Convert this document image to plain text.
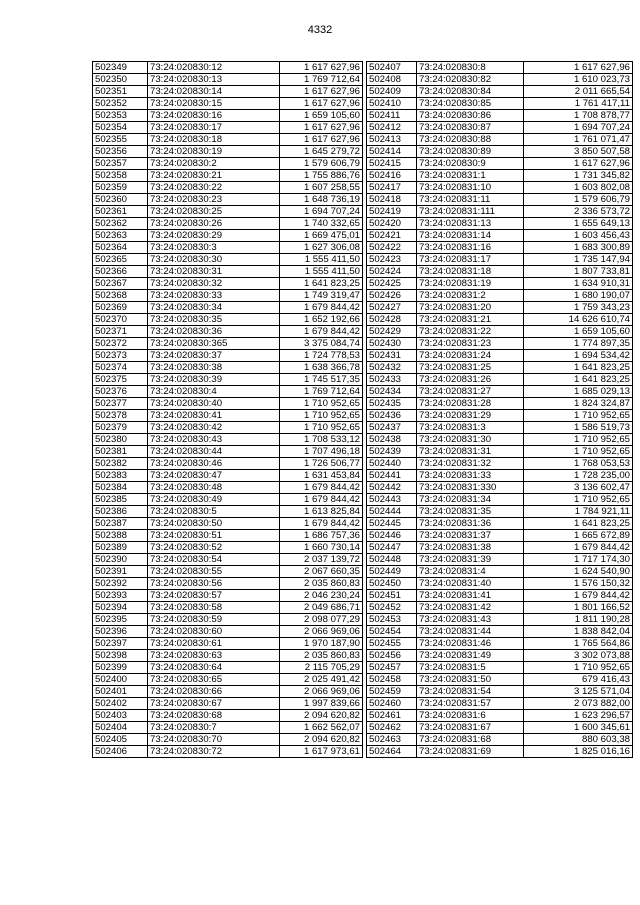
4332
502349	73:24:020830:12	1 617 627,96
502350	73:24:020830:13	1 769 712,64
502351	73:24:020830:14	1 617 627,96
502352	73:24:020830:15	1 617 627,96
502353	73:24:020830:16	1 659 105,60
502354	73:24:020830:17	1 617 627,96
502355	73:24:020830:18	1 617 627,96
502356	73:24:020830:19	1 645 279,72
502357	73:24:020830:2	1 579 606,79
502358	73:24:020830:21	1 755 886,76
502359	73:24:020830:22	1 607 258,55
502360	73:24:020830:23	1 648 736,19
502361	73:24:020830:25	1 694 707,24
502362	73:24:020830:26	1 740 332,65
502363	73:24:020830:29	1 669 475,01
502364	73:24:020830:3	1 627 306,08
502365	73:24:020830:30	1 555 411,50
502366	73:24:020830:31	1 555 411,50
502367	73:24:020830:32	1 641 823,25
502368	73:24:020830:33	1 749 319,47
502369	73:24:020830:34	1 679 844,42
502370	73:24:020830:35	1 652 192,66
502371	73:24:020830:36	1 679 844,42
502372	73:24:020830:365	3 375 084,74
502373	73:24:020830:37	1 724 778,53
502374	73:24:020830:38	1 638 366,78
502375	73:24:020830:39	1 745 517,35
502376	73:24:020830:4	1 769 712,64
502377	73:24:020830:40	1 710 952,65
502378	73:24:020830:41	1 710 952,65
502379	73:24:020830:42	1 710 952,65
502380	73:24:020830:43	1 708 533,12
502381	73:24:020830:44	1 707 496,18
502382	73:24:020830:46	1 726 506,77
502383	73:24:020830:47	1 631 453,84
502384	73:24:020830:48	1 679 844,42
502385	73:24:020830:49	1 679 844,42
502386	73:24:020830:5	1 613 825,84
502387	73:24:020830:50	1 679 844,42
502388	73:24:020830:51	1 686 757,36
502389	73:24:020830:52	1 660 730,14
502390	73:24:020830:54	2 037 139,72
502391	73:24:020830:55	2 067 660,35
502392	73:24:020830:56	2 035 860,83
502393	73:24:020830:57	2 046 230,24
502394	73:24:020830:58	2 049 686,71
502395	73:24:020830:59	2 098 077,29
502396	73:24:020830:60	2 066 969,06
502397	73:24:020830:61	1 970 187,90
502398	73:24:020830:63	2 035 860,83
502399	73:24:020830:64	2 115 705,29
502400	73:24:020830:65	2 025 491,42
502401	73:24:020830:66	2 066 969,06
502402	73:24:020830:67	1 997 839,66
502403	73:24:020830:68	2 094 620,82
502404	73:24:020830:7	1 662 562,07
502405	73:24:020830:70	2 094 620,82
502406	73:24:020830:72	1 617 973,61
502407	73:24:020830:8	1 617 627,96
502408	73:24:020830:82	1 610 023,73
502409	73:24:020830:84	2 011 665,54
502410	73:24:020830:85	1 761 417,11
502411	73:24:020830:86	1 708 878,77
502412	73:24:020830:87	1 694 707,24
502413	73:24:020830:88	1 761 071,47
502414	73:24:020830:89	3 850 507,58
502415	73:24:020830:9	1 617 627,96
502416	73:24:020831:1	1 731 345,82
502417	73:24:020831:10	1 603 802,08
502418	73:24:020831:11	1 579 606,79
502419	73:24:020831:111	2 336 573,72
502420	73:24:020831:13	1 655 649,13
502421	73:24:020831:14	1 603 456,43
502422	73:24:020831:16	1 683 300,89
502423	73:24:020831:17	1 735 147,94
502424	73:24:020831:18	1 807 733,81
502425	73:24:020831:19	1 634 910,31
502426	73:24:020831:2	1 680 190,07
502427	73:24:020831:20	1 759 343,23
502428	73:24:020831:21	14 626 610,74
502429	73:24:020831:22	1 659 105,60
502430	73:24:020831:23	1 774 897,35
502431	73:24:020831:24	1 694 534,42
502432	73:24:020831:25	1 641 823,25
502433	73:24:020831:26	1 641 823,25
502434	73:24:020831:27	1 685 029,13
502435	73:24:020831:28	1 824 324,87
502436	73:24:020831:29	1 710 952,65
502437	73:24:020831:3	1 586 519,73
502438	73:24:020831:30	1 710 952,65
502439	73:24:020831:31	1 710 952,65
502440	73:24:020831:32	1 768 053,53
502441	73:24:020831:33	1 728 235,00
502442	73:24:020831:330	3 136 602,47
502443	73:24:020831:34	1 710 952,65
502444	73:24:020831:35	1 784 921,11
502445	73:24:020831:36	1 641 823,25
502446	73:24:020831:37	1 665 672,89
502447	73:24:020831:38	1 679 844,42
502448	73:24:020831:39	1 717 174,30
502449	73:24:020831:4	1 624 540,90
502450	73:24:020831:40	1 576 150,32
502451	73:24:020831:41	1 679 844,42
502452	73:24:020831:42	1 801 166,52
502453	73:24:020831:43	1 811 190,28
502454	73:24:020831:44	1 838 842,04
502455	73:24:020831:46	1 765 564,86
502456	73:24:020831:49	3 302 073,88
502457	73:24:020831:5	1 710 952,65
502458	73:24:020831:50	679 416,43
502459	73:24:020831:54	3 125 571,04
502460	73:24:020831:57	2 073 882,00
502461	73:24:020831:6	1 623 296,57
502462	73:24:020831:67	1 600 345,61
502463	73:24:020831:68	880 603,38
502464	73:24:020831:69	1 825 016,16
